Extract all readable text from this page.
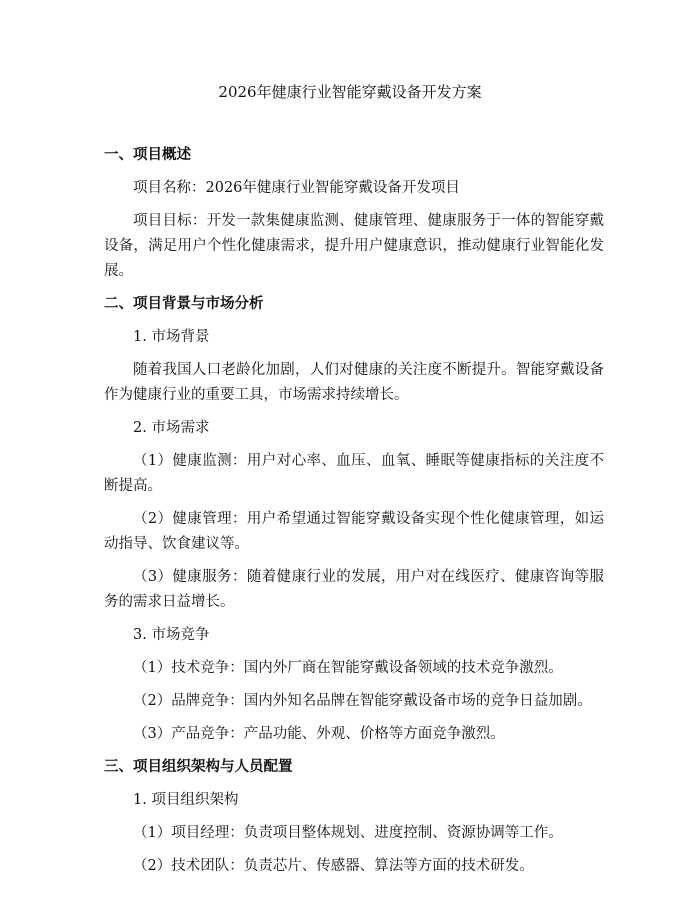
2026年健康行业智能穿戴设备开发方案
一、项目概述
项目名称：2026年健康行业智能穿戴设备开发项目
项目目标：开发一款集健康监测、健康管理、健康服务于一体的智能穿戴设备，满足用户个性化健康需求，提升用户健康意识，推动健康行业智能化发展。
二、项目背景与市场分析
1. 市场背景
随着我国人口老龄化加剧，人们对健康的关注度不断提升。智能穿戴设备作为健康行业的重要工具，市场需求持续增长。
2. 市场需求
（1）健康监测：用户对心率、血压、血氧、睡眠等健康指标的关注度不断提高。
（2）健康管理：用户希望通过智能穿戴设备实现个性化健康管理，如运动指导、饮食建议等。
（3）健康服务：随着健康行业的发展，用户对在线医疗、健康咨询等服务的需求日益增长。
3. 市场竞争
（1）技术竞争：国内外厂商在智能穿戴设备领域的技术竞争激烈。
（2）品牌竞争：国内外知名品牌在智能穿戴设备市场的竞争日益加剧。
（3）产品竞争：产品功能、外观、价格等方面竞争激烈。
三、项目组织架构与人员配置
1. 项目组织架构
（1）项目经理：负责项目整体规划、进度控制、资源协调等工作。
（2）技术团队：负责芯片、传感器、算法等方面的技术研发。
